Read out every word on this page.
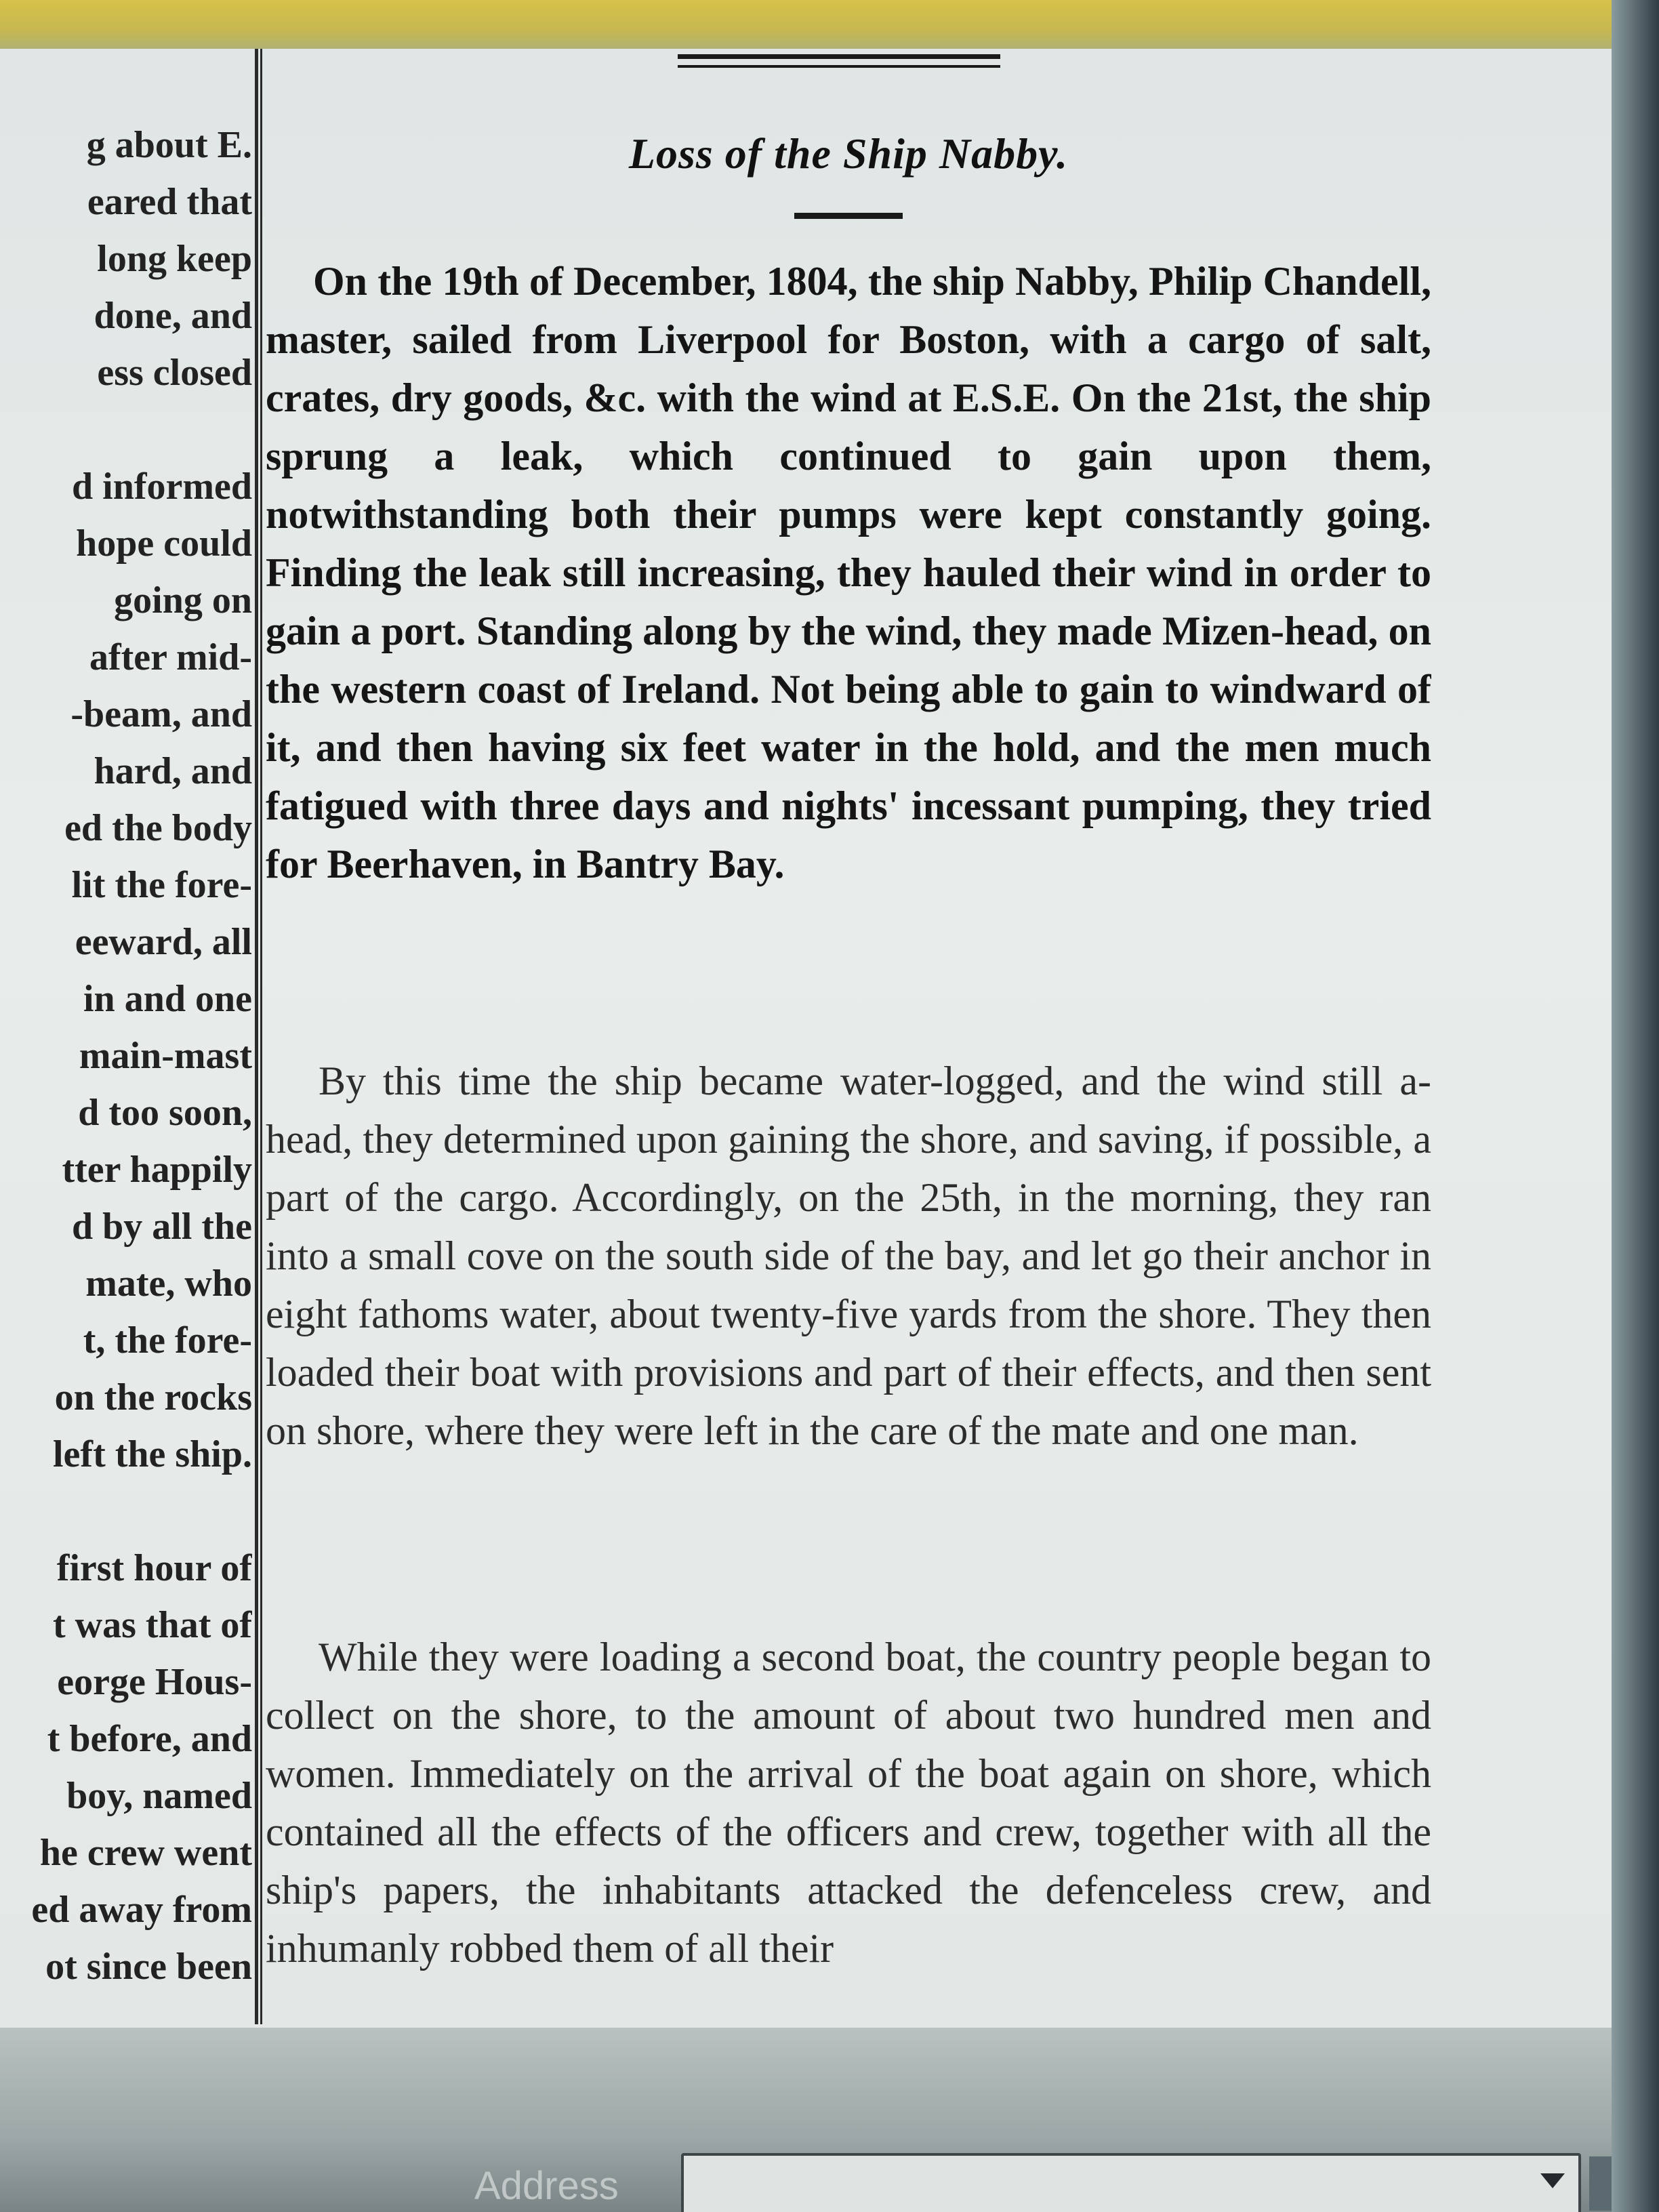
g about E.
eared that
long keep
done, and
ess closed
d informed
hope could
going on
after mid-
-beam, and
hard, and
ed the body
lit the fore-
eeward, all
in and one
main-mast
d too soon,
tter happily
d by all the
mate, who
t, the fore-
on the rocks
left the ship.
first hour of
t was that of
eorge Hous-
t before, and
boy, named
he crew went
ed away from
ot since been
Loss of the Ship Nabby.
On the 19th of December, 1804, the ship Nabby, Philip Chandell, master, sailed from Liverpool for Boston, with a cargo of salt, crates, dry goods, &c. with the wind at E.S.E. On the 21st, the ship sprung a leak, which continued to gain upon them, notwithstanding both their pumps were kept constantly going. Finding the leak still increasing, they hauled their wind in order to gain a port. Standing along by the wind, they made Mizen-head, on the western coast of Ireland. Not being able to gain to windward of it, and then having six feet water in the hold, and the men much fatigued with three days and nights' incessant pumping, they tried for Beerhaven, in Bantry Bay.
By this time the ship became water-logged, and the wind still a-head, they determined upon gaining the shore, and saving, if possible, a part of the cargo. Accordingly, on the 25th, in the morning, they ran into a small cove on the south side of the bay, and let go their anchor in eight fathoms water, about twenty-five yards from the shore. They then loaded their boat with provisions and part of their effects, and then sent on shore, where they were left in the care of the mate and one man.
While they were loading a second boat, the country people began to collect on the shore, to the amount of about two hundred men and women. Immediately on the arrival of the boat again on shore, which contained all the effects of the officers and crew, together with all the ship's papers, the inhabitants attacked the defenceless crew, and inhumanly robbed them of all their
Address
